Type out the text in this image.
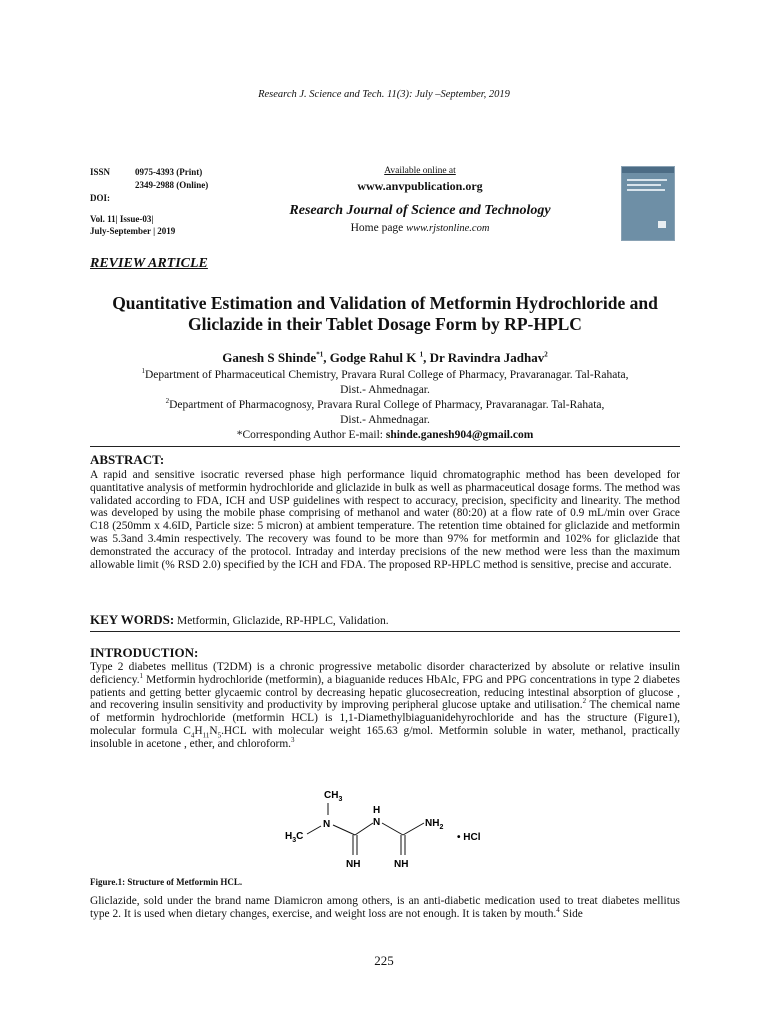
Research J. Science and Tech. 11(3): July –September, 2019
ISSN	0975-4393 (Print)
2349-2988 (Online)
DOI:
Vol. 11| Issue-03|
July-September | 2019
Available online at
www.anvpublication.org
Research Journal of Science and Technology
Home page www.rjstonline.com
REVIEW ARTICLE
Quantitative Estimation and Validation of Metformin Hydrochloride and Gliclazide in their Tablet Dosage Form by RP-HPLC
Ganesh S Shinde$^{*1}$, Godge Rahul K $^1$, Dr Ravindra Jadhav$^2$
$^1$Department of Pharmaceutical Chemistry, Pravara Rural College of Pharmacy, Pravaranagar. Tal-Rahata,
Dist.- Ahmednagar.
$^2$Department of Pharmacognosy, Pravara Rural College of Pharmacy, Pravaranagar. Tal-Rahata,
Dist.- Ahmednagar.
*Corresponding Author E-mail: shinde.ganesh904@gmail.com
ABSTRACT:
A rapid and sensitive isocratic reversed phase high performance liquid chromatographic method has been developed for quantitative analysis of metformin hydrochloride and gliclazide in bulk as well as pharmaceutical dosage forms. The method was validated according to FDA, ICH and USP guidelines with respect to accuracy, precision, specificity and linearity. The method was developed by using the mobile phase comprising of methanol and water (80:20) at a flow rate of 0.9 mL/min over Grace C18 (250mm x 4.6ID, Particle size: 5 micron) at ambient temperature. The retention time obtained for gliclazide and metformin was 5.3and 3.4min respectively. The recovery was found to be more than 97% for metformin and 102% for gliclazide that demonstrated the accuracy of the protocol. Intraday and interday precisions of the new method were less than the maximum allowable limit (% RSD 2.0) specified by the ICH and FDA. The proposed RP-HPLC method is sensitive, precise and accurate.
KEY WORDS: Metformin, Gliclazide, RP-HPLC, Validation.
INTRODUCTION:
Type 2 diabetes mellitus (T2DM) is a chronic progressive metabolic disorder characterized by absolute or relative insulin deficiency.$^1$ Metformin hydrochloride (metformin), a biaguanide reduces HbAlc, FPG and PPG concentrations in type 2 diabetes patients and getting better glycaemic control by decreasing hepatic glucosecreation, reducing intestinal absorption of glucose , and recovering insulin sensitivity and productivity by improving peripheral glucose uptake and utilisation.$^2$ The chemical name of metformin hydrochloride (metformin HCL) is 1,1-Diamethylbiaguanidehyrochloride and has the structure (Figure1), molecular formula $C_4H_{11}N_5.HCL$ with molecular weight 165.63 g/mol. Metformin soluble in water, methanol, practically insoluble in acetone , ether, and chloroform.$^3$
$CH_3$
N
H
N	$NH_2$
$H_3C$
NH	NH
• HCl
Figure.1: Structure of Metformin HCL.
Gliclazide, sold under the brand name Diamicron among others, is an anti-diabetic medication used to treat diabetes mellitus type 2. It is used when dietary changes, exercise, and weight loss are not enough. It is taken by mouth.$^4$ Side
225
